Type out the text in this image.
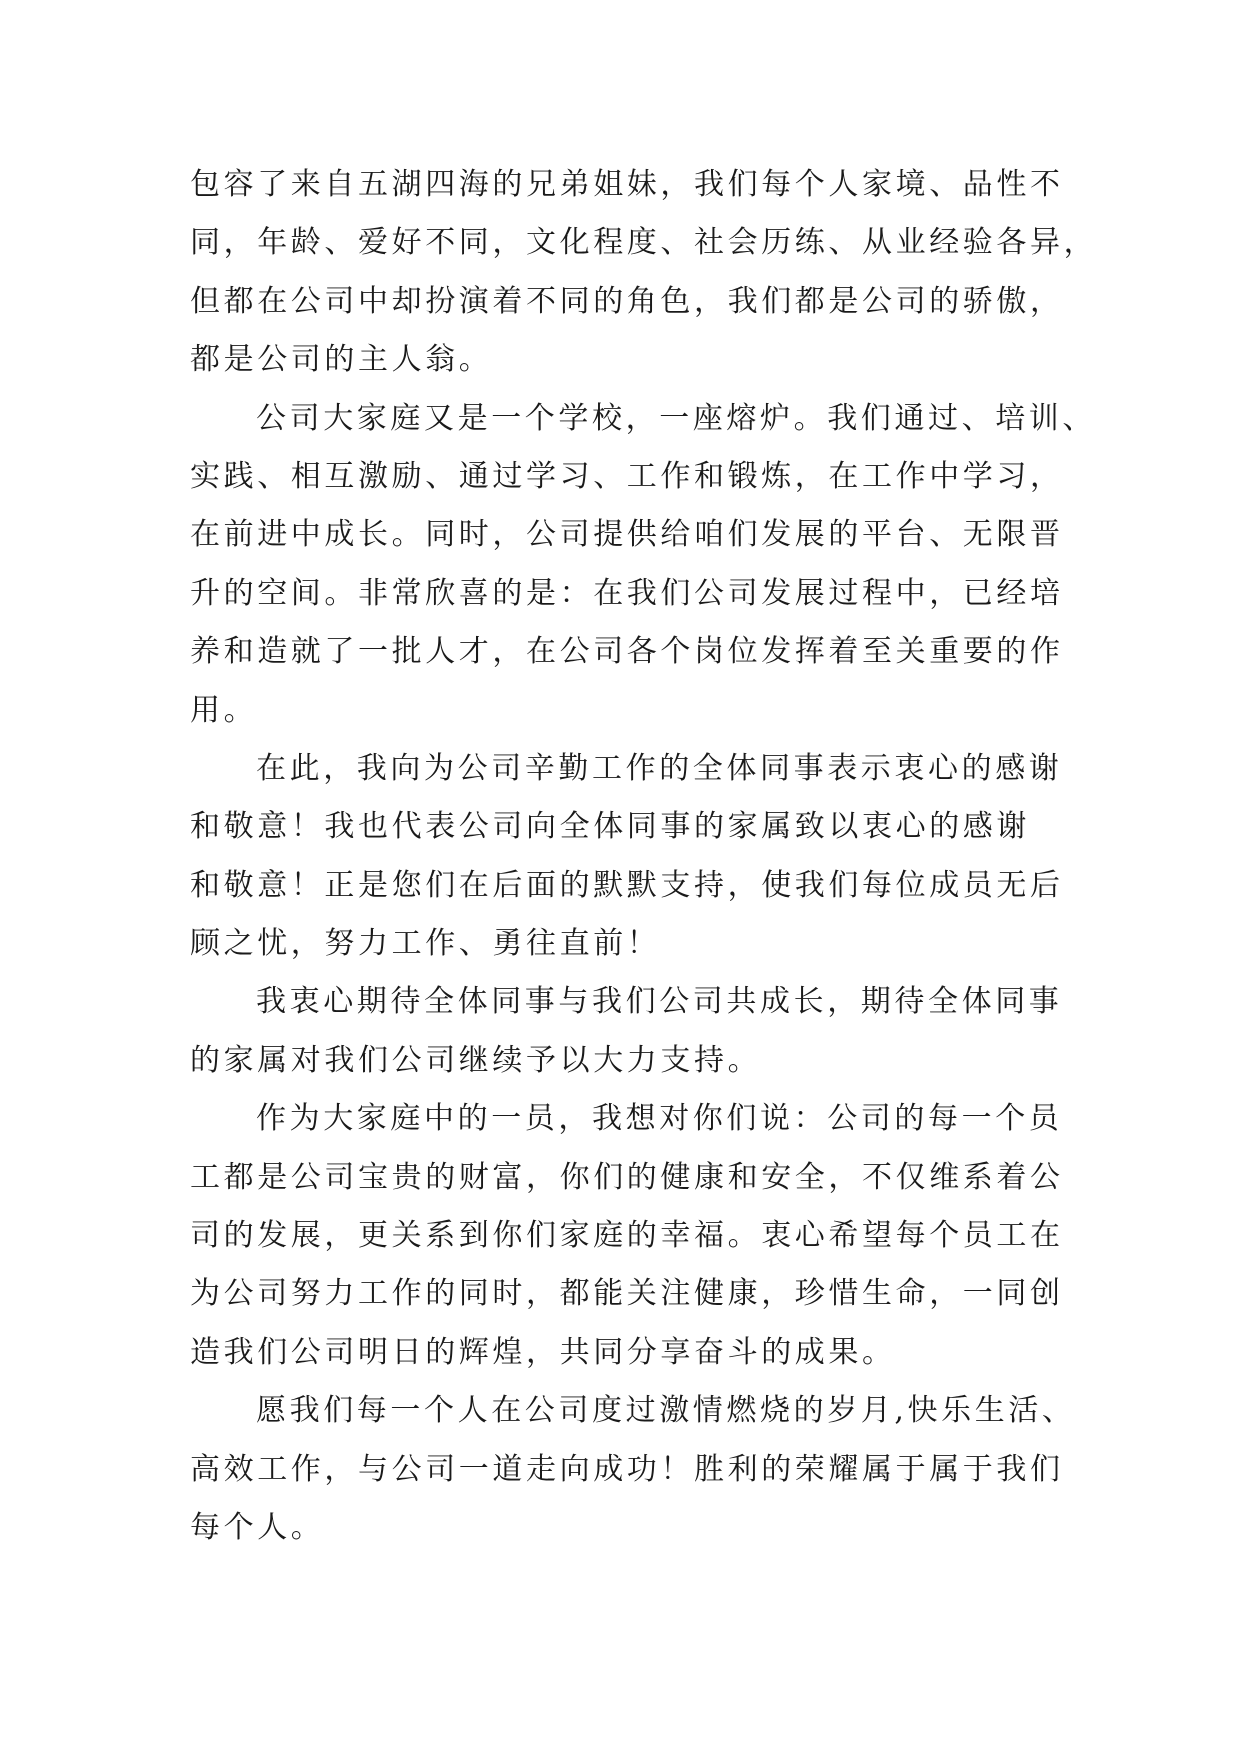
包容了来自五湖四海的兄弟姐妹，我们每个人家境、品性不
同，年龄、爱好不同，文化程度、社会历练、从业经验各异，
但都在公司中却扮演着不同的角色，我们都是公司的骄傲，
都是公司的主人翁。
公司大家庭又是一个学校，一座熔炉。我们通过、培训、
实践、相互激励、通过学习、工作和锻炼，在工作中学习，
在前进中成长。同时，公司提供给咱们发展的平台、无限晋
升的空间。非常欣喜的是：在我们公司发展过程中，已经培
养和造就了一批人才，在公司各个岗位发挥着至关重要的作
用。
在此，我向为公司辛勤工作的全体同事表示衷心的感谢
和敬意！我也代表公司向全体同事的家属致以衷心的感谢
和敬意！正是您们在后面的默默支持，使我们每位成员无后
顾之忧，努力工作、勇往直前！
我衷心期待全体同事与我们公司共成长，期待全体同事
的家属对我们公司继续予以大力支持。
作为大家庭中的一员，我想对你们说：公司的每一个员
工都是公司宝贵的财富，你们的健康和安全，不仅维系着公
司的发展，更关系到你们家庭的幸福。衷心希望每个员工在
为公司努力工作的同时，都能关注健康，珍惜生命，一同创
造我们公司明日的辉煌，共同分享奋斗的成果。
愿我们每一个人在公司度过激情燃烧的岁月,快乐生活、
高效工作，与公司一道走向成功！胜利的荣耀属于属于我们
每个人。
